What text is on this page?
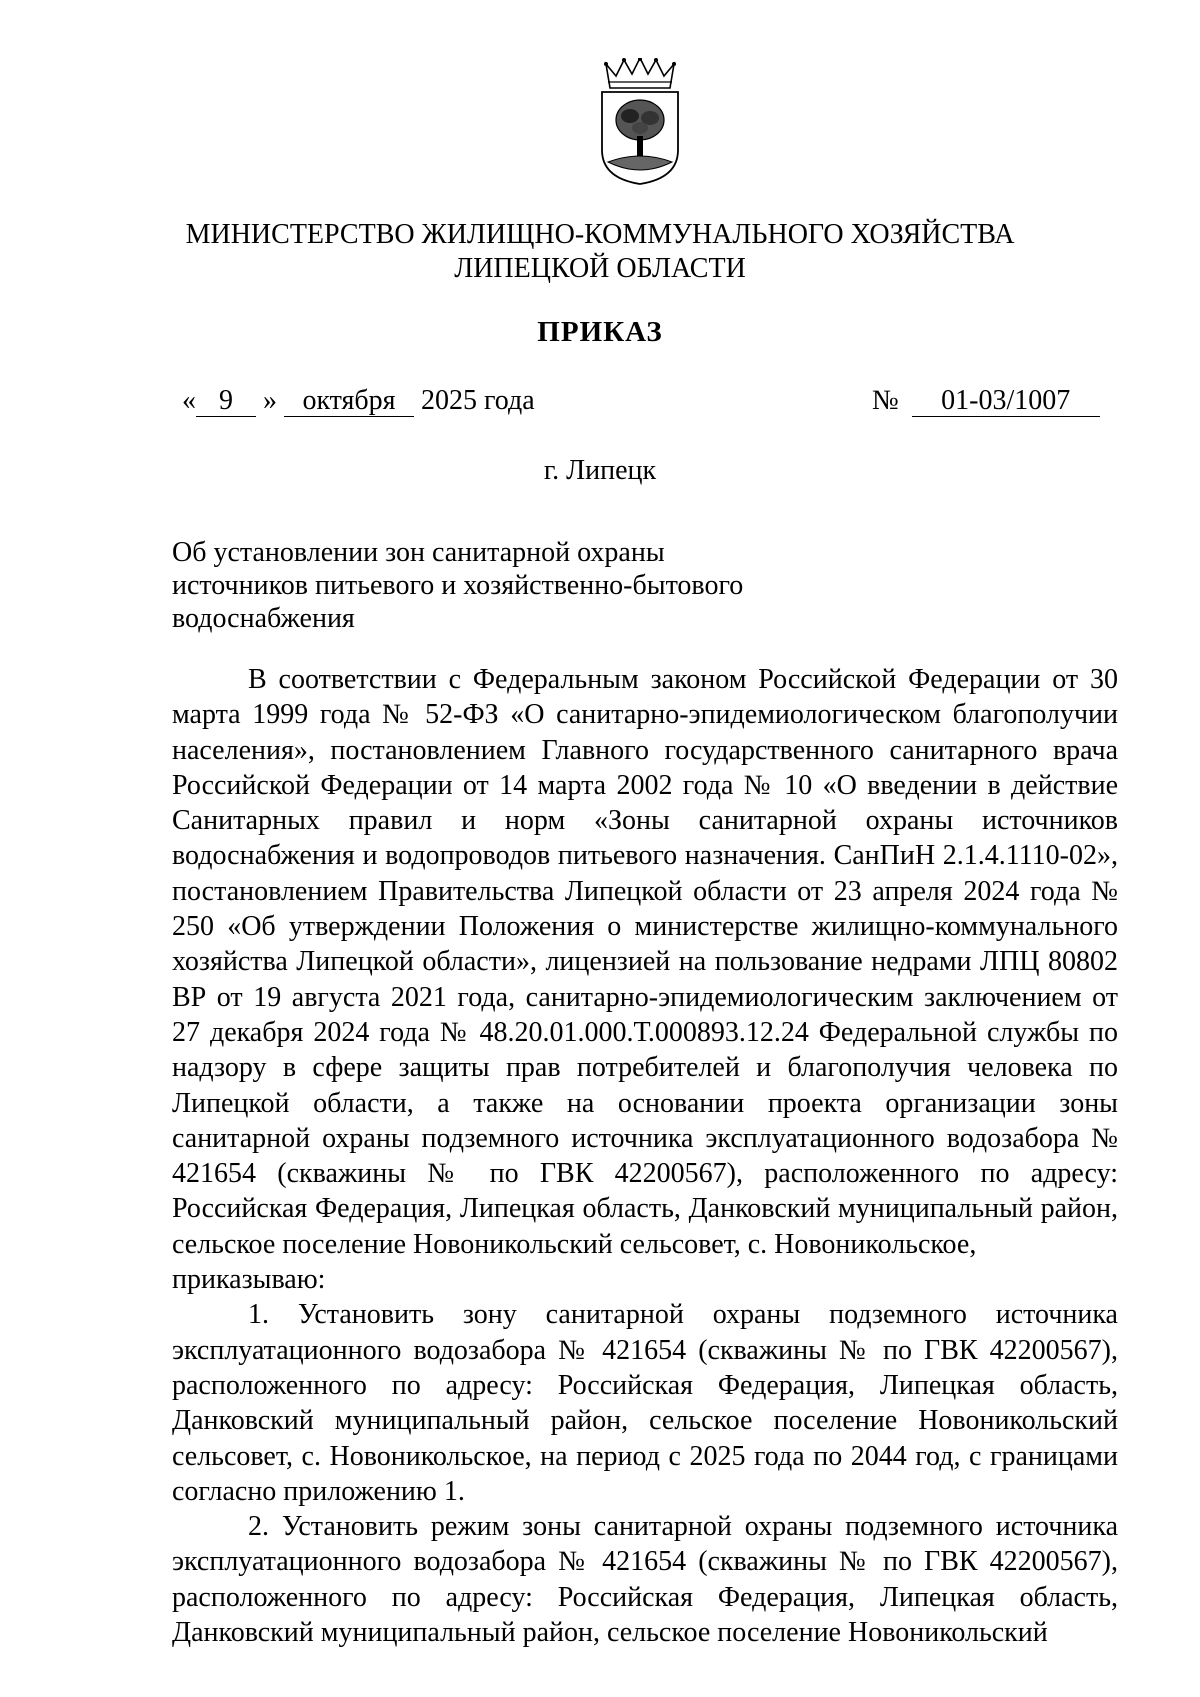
МИНИСТЕРСТВО ЖИЛИЩНО-КОММУНАЛЬНОГО ХОЗЯЙСТВА
ЛИПЕЦКОЙ ОБЛАСТИ
ПРИКАЗ
« 9 » октября 2025 года	№ 01-03/1007
г. Липецк
Об установлении зон санитарной охраны
источников питьевого и хозяйственно-бытового
водоснабжения

В соответствии с Федеральным законом Российской Федерации от 30 марта 1999 года № 52-ФЗ «О санитарно-эпидемиологическом благополучии населения», постановлением Главного государственного санитарного врача Российской Федерации от 14 марта 2002 года № 10 «О введении в действие Санитарных правил и норм «Зоны санитарной охраны источников водоснабжения и водопроводов питьевого назначения. СанПиН 2.1.4.1110-02», постановлением Правительства Липецкой области от 23 апреля 2024 года № 250 «Об утверждении Положения о министерстве жилищно-коммунального хозяйства Липецкой области», лицензией на пользование недрами ЛПЦ 80802 ВР от 19 августа 2021 года, санитарно-эпидемиологическим заключением от 27 декабря 2024 года № 48.20.01.000.Т.000893.12.24 Федеральной службы по надзору в сфере защиты прав потребителей и благополучия человека по Липецкой области, а также на основании проекта организации зоны санитарной охраны подземного источника эксплуатационного водозабора № 421654 (скважины № по ГВК 42200567), расположенного по адресу: Российская Федерация, Липецкая область, Данковский муниципальный район, сельское поселение Новоникольский сельсовет, с. Новоникольское,

приказываю:

1. Установить зону санитарной охраны подземного источника эксплуатационного водозабора № 421654 (скважины № по ГВК 42200567), расположенного по адресу: Российская Федерация, Липецкая область, Данковский муниципальный район, сельское поселение Новоникольский сельсовет, с. Новоникольское, на период с 2025 года по 2044 год, с границами согласно приложению 1.

2. Установить режим зоны санитарной охраны подземного источника эксплуатационного водозабора № 421654 (скважины № по ГВК 42200567), расположенного по адресу: Российская Федерация, Липецкая область, Данковский муниципальный район, сельское поселение Новоникольский
